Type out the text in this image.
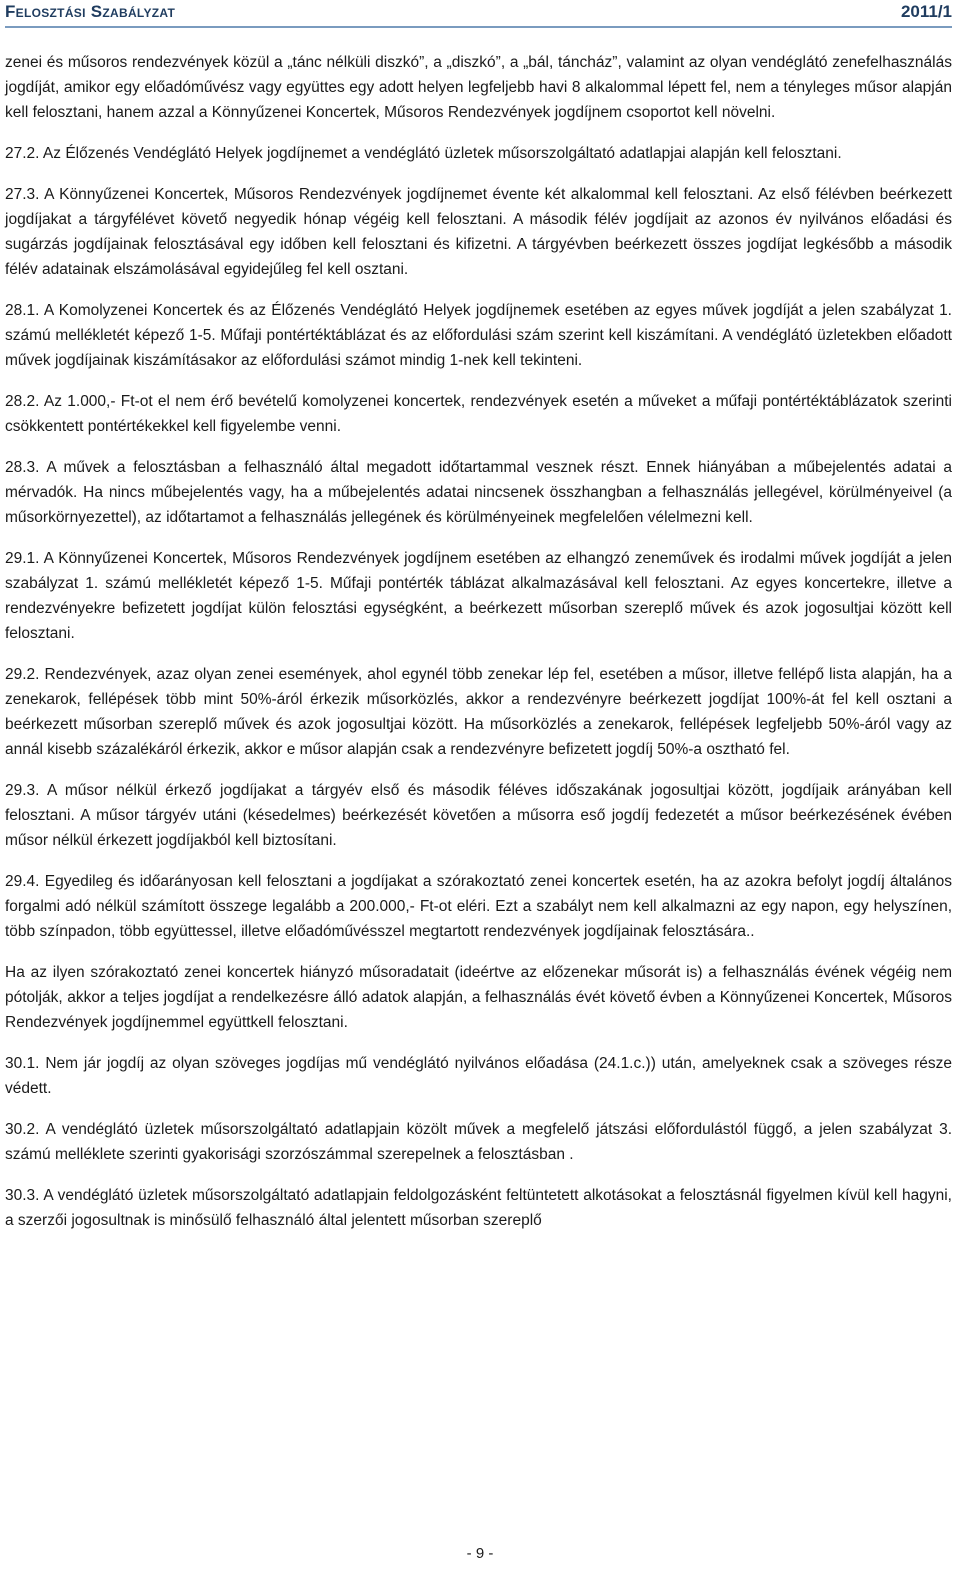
Felosztási Szabályzat	2011/1

zenei és műsoros rendezvények közül a „tánc nélküli diszkó”, a „diszkó”, a „bál, táncház”, valamint az olyan vendéglátó zenefelhasználás jogdíját, amikor egy előadóművész vagy együttes egy adott helyen legfeljebb havi 8 alkalommal lépett fel, nem a tényleges műsor alapján kell felosztani, hanem azzal a Könnyűzenei Koncertek, Műsoros Rendezvények jogdíjnem csoportot kell növelni.

27.2. Az Élőzenés Vendéglátó Helyek jogdíjnemet a vendéglátó üzletek műsorszolgáltató adatlapjai alapján kell felosztani.

27.3. A Könnyűzenei Koncertek, Műsoros Rendezvények jogdíjnemet évente két alkalommal kell felosztani. Az első félévben beérkezett jogdíjakat a tárgyfélévet követő negyedik hónap végéig kell felosztani. A második félév jogdíjait az azonos év nyilvános előadási és sugárzás jogdíjainak felosztásával egy időben kell felosztani és kifizetni. A tárgyévben beérkezett összes jogdíjat legkésőbb a második félév adatainak elszámolásával egyidejűleg fel kell osztani.

28.1. A Komolyzenei Koncertek és az Élőzenés Vendéglátó Helyek jogdíjnemek esetében az egyes művek jogdíját a jelen szabályzat 1. számú mellékletét képező 1-5. Műfaji pontértéktáblázat és az előfordulási szám szerint kell kiszámítani. A vendéglátó üzletekben előadott művek jogdíjainak kiszámításakor az előfordulási számot mindig 1-nek kell tekinteni.

28.2. Az 1.000,- Ft-ot el nem érő bevételű komolyzenei koncertek, rendezvények esetén a műveket a műfaji pontértéktáblázatok szerinti csökkentett pontértékekkel kell figyelembe venni.

28.3. A művek a felosztásban a felhasználó által megadott időtartammal vesznek részt. Ennek hiányában a műbejelentés adatai a mérvadók. Ha nincs műbejelentés vagy, ha a műbejelentés adatai nincsenek összhangban a felhasználás jellegével, körülményeivel (a műsorkörnyezettel), az időtartamot a felhasználás jellegének és körülményeinek megfelelően vélelmezni kell.

29.1. A Könnyűzenei Koncertek, Műsoros Rendezvények jogdíjnem esetében az elhangzó zeneművek és irodalmi művek jogdíját a jelen szabályzat 1. számú mellékletét képező 1-5. Műfaji pontérték táblázat alkalmazásával kell felosztani. Az egyes koncertekre, illetve a rendezvényekre befizetett jogdíjat külön felosztási egységként, a beérkezett műsorban szereplő művek és azok jogosultjai között kell felosztani.

29.2. Rendezvények, azaz olyan zenei események, ahol egynél több zenekar lép fel, esetében a műsor, illetve fellépő lista alapján, ha a zenekarok, fellépések több mint 50%-áról érkezik műsorközlés, akkor a rendezvényre beérkezett jogdíjat 100%-át fel kell osztani a beérkezett műsorban szereplő művek és azok jogosultjai között. Ha műsorközlés a zenekarok, fellépések legfeljebb 50%-áról vagy az annál kisebb százalékáról érkezik, akkor e műsor alapján csak a rendezvényre befizetett jogdíj 50%-a osztható fel.

29.3. A műsor nélkül érkező jogdíjakat a tárgyév első és második féléves időszakának jogosultjai között, jogdíjaik arányában kell felosztani. A műsor tárgyév utáni (késedelmes) beérkezését követően a műsorra eső jogdíj fedezetét a műsor beérkezésének évében műsor nélkül érkezett jogdíjakból kell biztosítani.

29.4. Egyedileg és időarányosan kell felosztani a jogdíjakat a szórakoztató zenei koncertek esetén, ha az azokra befolyt jogdíj általános forgalmi adó nélkül számított összege legalább a 200.000,- Ft-ot eléri. Ezt a szabályt nem kell alkalmazni az egy napon, egy helyszínen, több színpadon, több együttessel, illetve előadóművésszel megtartott rendezvények jogdíjainak felosztására..

Ha az ilyen szórakoztató zenei koncertek hiányzó műsoradatait (ideértve az előzenekar műsorát is) a felhasználás évének végéig nem pótolják, akkor a teljes jogdíjat a rendelkezésre álló adatok alapján, a felhasználás évét követő évben a Könnyűzenei Koncertek, Műsoros Rendezvények jogdíjnemmel együttkell felosztani.

30.1. Nem jár jogdíj az olyan szöveges jogdíjas mű vendéglátó nyilvános előadása (24.1.c.)) után, amelyeknek csak a szöveges része védett.

30.2. A vendéglátó üzletek műsorszolgáltató adatlapjain közölt művek a megfelelő játszási előfordulástól függő, a jelen szabályzat 3. számú melléklete szerinti gyakorisági szorzószámmal szerepelnek a felosztásban .

30.3. A vendéglátó üzletek műsorszolgáltató adatlapjain feldolgozásként feltüntetett alkotásokat a felosztásnál figyelmen kívül kell hagyni, a szerzői jogosultnak is minősülő felhasználó által jelentett műsorban szereplő

- 9 -
